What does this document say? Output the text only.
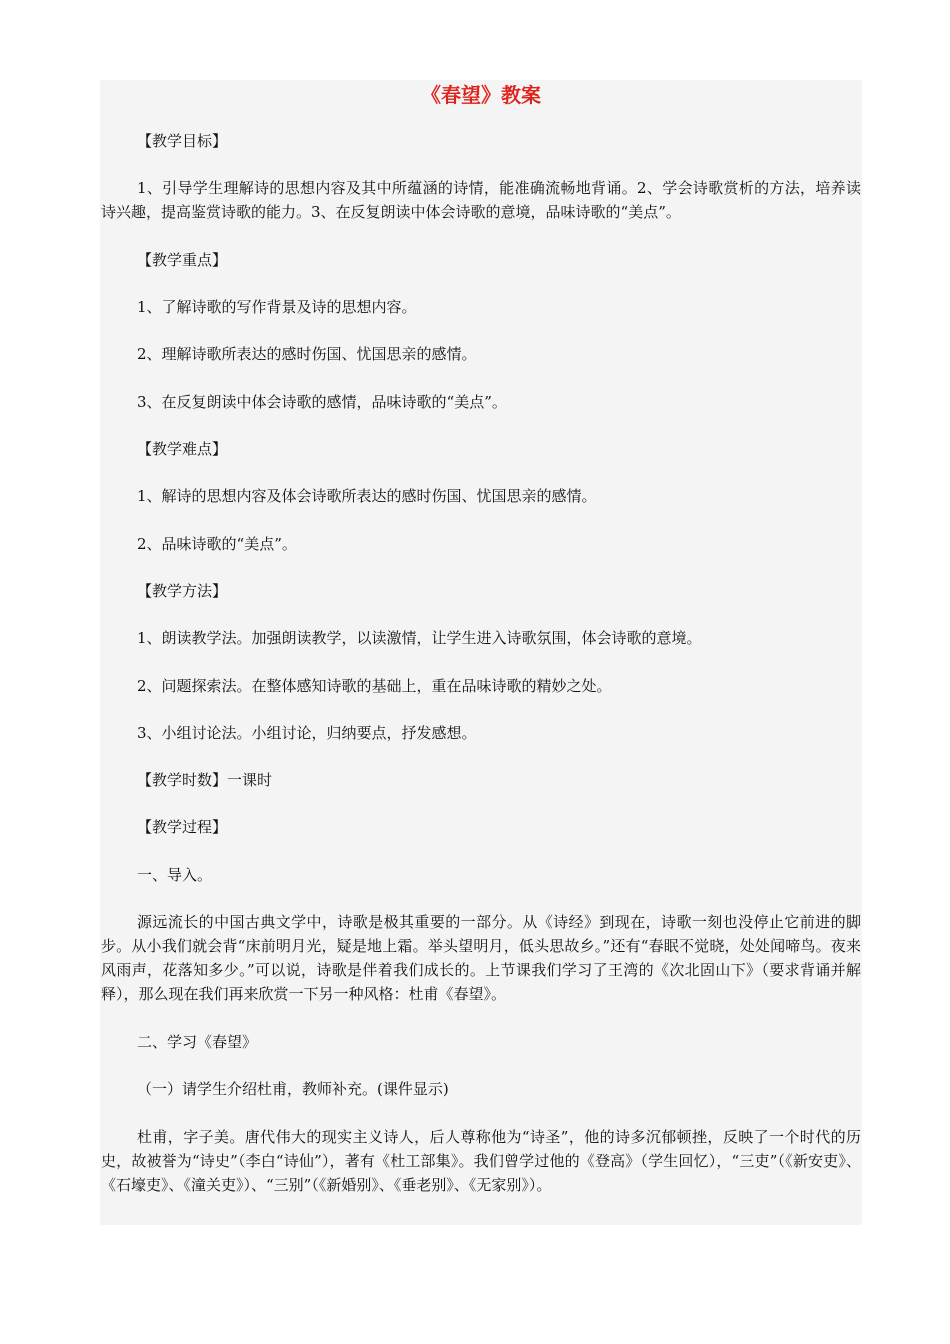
《春望》教案

【教学目标】

1、引导学生理解诗的思想内容及其中所蕴涵的诗情，能准确流畅地背诵。2、学会诗歌赏析的方法，培养读诗兴趣，提高鉴赏诗歌的能力。3、在反复朗读中体会诗歌的意境，品味诗歌的“美点”。

【教学重点】

1、了解诗歌的写作背景及诗的思想内容。

2、理解诗歌所表达的感时伤国、忧国思亲的感情。

3、在反复朗读中体会诗歌的感情，品味诗歌的“美点”。

【教学难点】

1、解诗的思想内容及体会诗歌所表达的感时伤国、忧国思亲的感情。

2、品味诗歌的“美点”。

【教学方法】

1、朗读教学法。加强朗读教学，以读激情，让学生进入诗歌氛围，体会诗歌的意境。

2、问题探索法。在整体感知诗歌的基础上，重在品味诗歌的精妙之处。

3、小组讨论法。小组讨论，归纳要点，抒发感想。

【教学时数】一课时

【教学过程】

一、导入。

源远流长的中国古典文学中，诗歌是极其重要的一部分。从《诗经》到现在，诗歌一刻也没停止它前进的脚步。从小我们就会背“床前明月光，疑是地上霜。举头望明月，低头思故乡。”还有“春眠不觉晓，处处闻啼鸟。夜来风雨声，花落知多少。”可以说，诗歌是伴着我们成长的。上节课我们学习了王湾的《次北固山下》（要求背诵并解释），那么现在我们再来欣赏一下另一种风格：杜甫《春望》。

二、学习《春望》

（一）请学生介绍杜甫，教师补充。(课件显示)

杜甫，字子美。唐代伟大的现实主义诗人，后人尊称他为“诗圣”，他的诗多沉郁顿挫，反映了一个时代的历史，故被誉为“诗史”（李白“诗仙”），著有《杜工部集》。我们曾学过他的《登高》（学生回忆），“三吏”（《新安吏》、《石壕吏》、《潼关吏》）、“三别”（《新婚别》、《垂老别》、《无家别》）。
